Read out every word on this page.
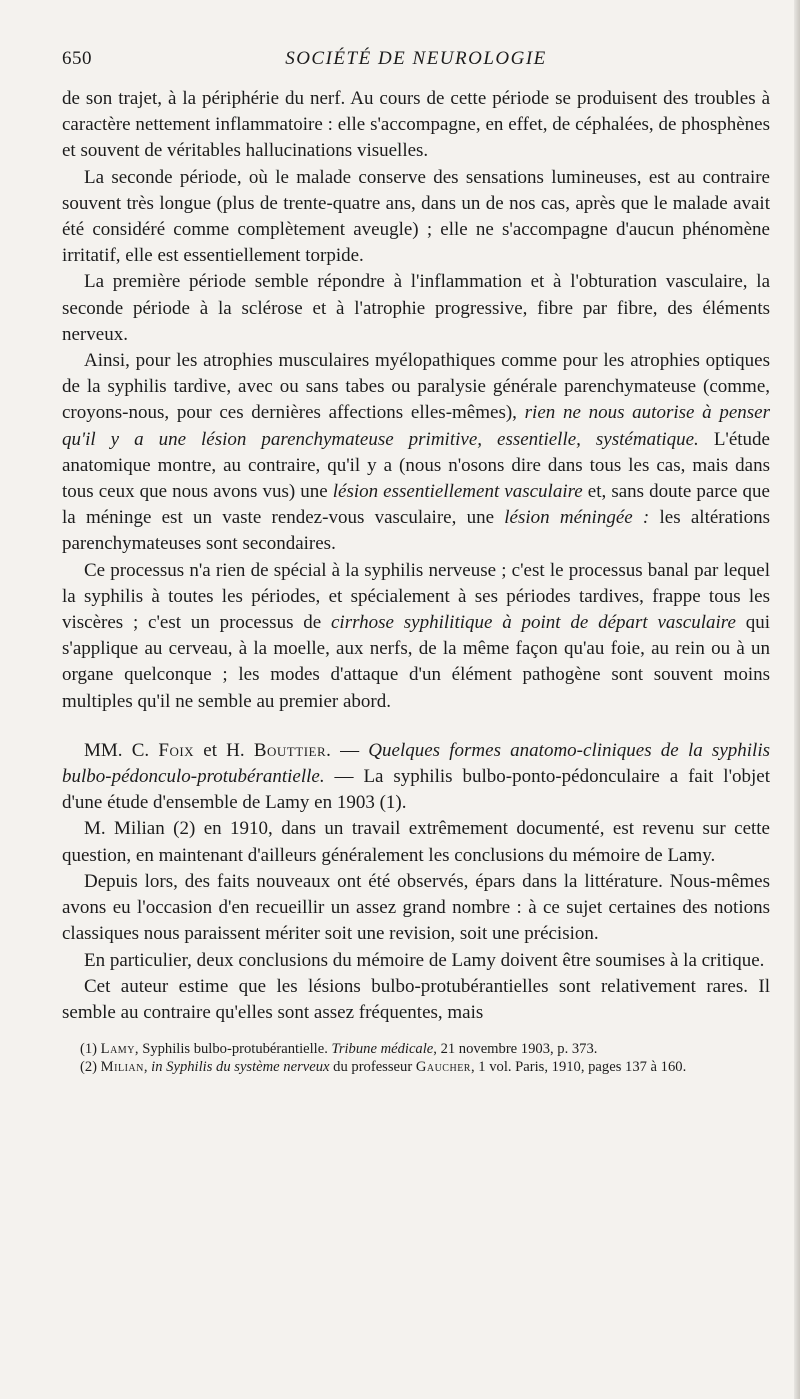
650	SOCIÉTÉ DE NEUROLOGIE

de son trajet, à la périphérie du nerf. Au cours de cette période se produisent des troubles à caractère nettement inflammatoire : elle s'accompagne, en effet, de céphalées, de phosphènes et souvent de véritables hallucinations visuelles.

La seconde période, où le malade conserve des sensations lumineuses, est au contraire souvent très longue (plus de trente-quatre ans, dans un de nos cas, après que le malade avait été considéré comme complètement aveugle) ; elle ne s'accompagne d'aucun phénomène irritatif, elle est essentiellement torpide.

La première période semble répondre à l'inflammation et à l'obturation vasculaire, la seconde période à la sclérose et à l'atrophie progressive, fibre par fibre, des éléments nerveux.

Ainsi, pour les atrophies musculaires myélopathiques comme pour les atrophies optiques de la syphilis tardive, avec ou sans tabes ou paralysie générale parenchymateuse (comme, croyons-nous, pour ces dernières affections elles-mêmes), rien ne nous autorise à penser qu'il y a une lésion parenchymateuse primitive, essentielle, systématique. L'étude anatomique montre, au contraire, qu'il y a (nous n'osons dire dans tous les cas, mais dans tous ceux que nous avons vus) une lésion essentiellement vasculaire et, sans doute parce que la méninge est un vaste rendez-vous vasculaire, une lésion méningée : les altérations parenchymateuses sont secondaires.

Ce processus n'a rien de spécial à la syphilis nerveuse ; c'est le processus banal par lequel la syphilis à toutes les périodes, et spécialement à ses périodes tardives, frappe tous les viscères ; c'est un processus de cirrhose syphilitique à point de départ vasculaire qui s'applique au cerveau, à la moelle, aux nerfs, de la même façon qu'au foie, au rein ou à un organe quelconque ; les modes d'attaque d'un élément pathogène sont souvent moins multiples qu'il ne semble au premier abord.

MM. C. Foix et H. Bouttier. — Quelques formes anatomo-cliniques de la syphilis bulbo-pédonculo-protubérantielle. — La syphilis bulbo-ponto-pédonculaire a fait l'objet d'une étude d'ensemble de Lamy en 1903 (1).

M. Milian (2) en 1910, dans un travail extrêmement documenté, est revenu sur cette question, en maintenant d'ailleurs généralement les conclusions du mémoire de Lamy.

Depuis lors, des faits nouveaux ont été observés, épars dans la littérature. Nous-mêmes avons eu l'occasion d'en recueillir un assez grand nombre : à ce sujet certaines des notions classiques nous paraissent mériter soit une revision, soit une précision.

En particulier, deux conclusions du mémoire de Lamy doivent être soumises à la critique.

Cet auteur estime que les lésions bulbo-protubérantielles sont relativement rares. Il semble au contraire qu'elles sont assez fréquentes, mais

(1) Lamy, Syphilis bulbo-protubérantielle. Tribune médicale, 21 novembre 1903, p. 373.

(2) Milian, in Syphilis du système nerveux du professeur Gaucher, 1 vol. Paris, 1910, pages 137 à 160.
